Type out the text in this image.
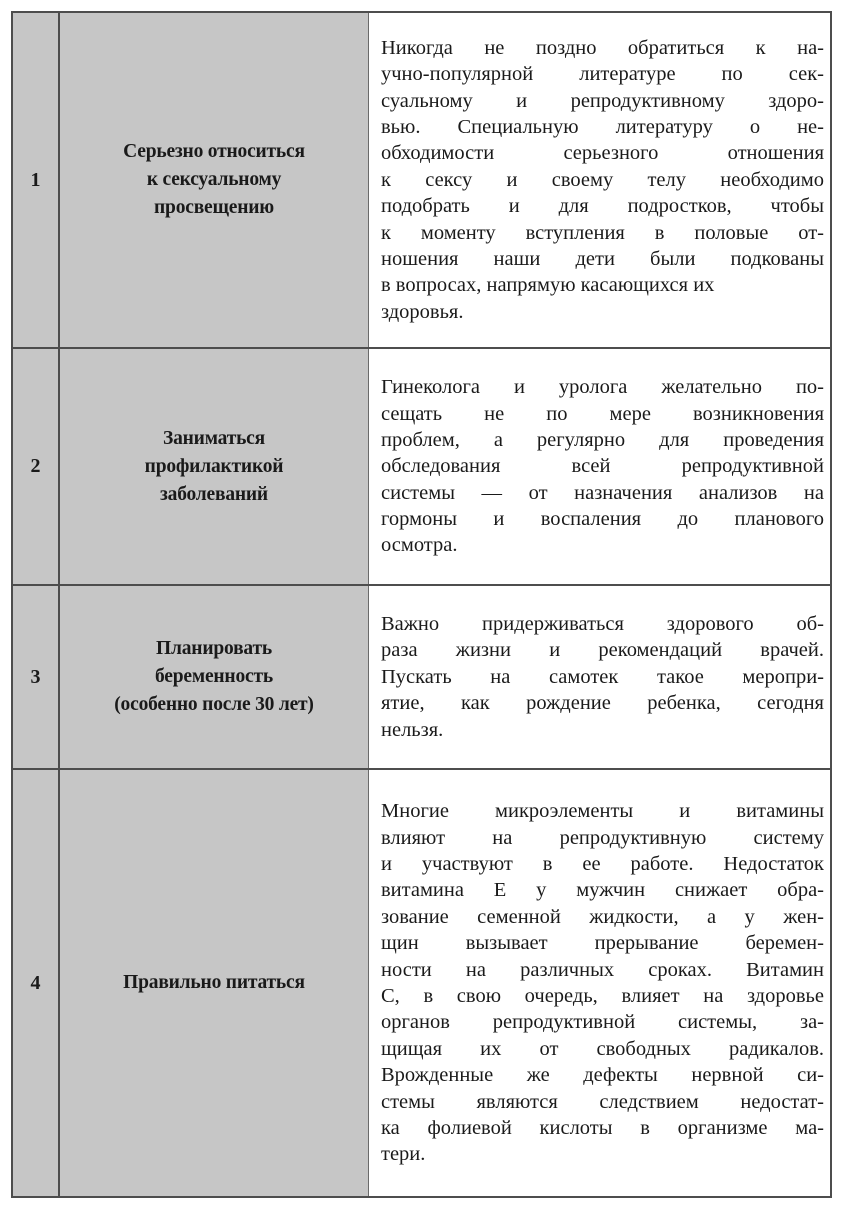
1
Серьезно относиться
к сексуальному
просвещению
Никогда не поздно обратиться к на-
учно-популярной литературе по сек-
суальному и репродуктивному здоро-
вью. Специальную литературу о не-
обходимости серьезного отношения
к сексу и своему телу необходимо
подобрать и для подростков, чтобы
к моменту вступления в половые от-
ношения наши дети были подкованы
в вопросах, напрямую касающихся их
здоровья.
2
Заниматься
профилактикой
заболеваний
Гинеколога и уролога желательно по-
сещать не по мере возникновения
проблем, а регулярно для проведения
обследования всей репродуктивной
системы — от назначения анализов на
гормоны и воспаления до планового
осмотра.
3
Планировать
беременность
(особенно после 30 лет)
Важно придерживаться здорового об-
раза жизни и рекомендаций врачей.
Пускать на самотек такое меропри-
ятие, как рождение ребенка, сегодня
нельзя.
4	Правильно питаться
Многие микроэлементы и витамины
влияют на репродуктивную систему
и участвуют в ее работе. Недостаток
витамина Е у мужчин снижает обра-
зование семенной жидкости, а у жен-
щин вызывает прерывание беремен-
ности на различных сроках. Витамин
С, в свою очередь, влияет на здоровье
органов репродуктивной системы, за-
щищая их от свободных радикалов.
Врожденные же дефекты нервной си-
стемы являются следствием недостат-
ка фолиевой кислоты в организме ма-
тери.
